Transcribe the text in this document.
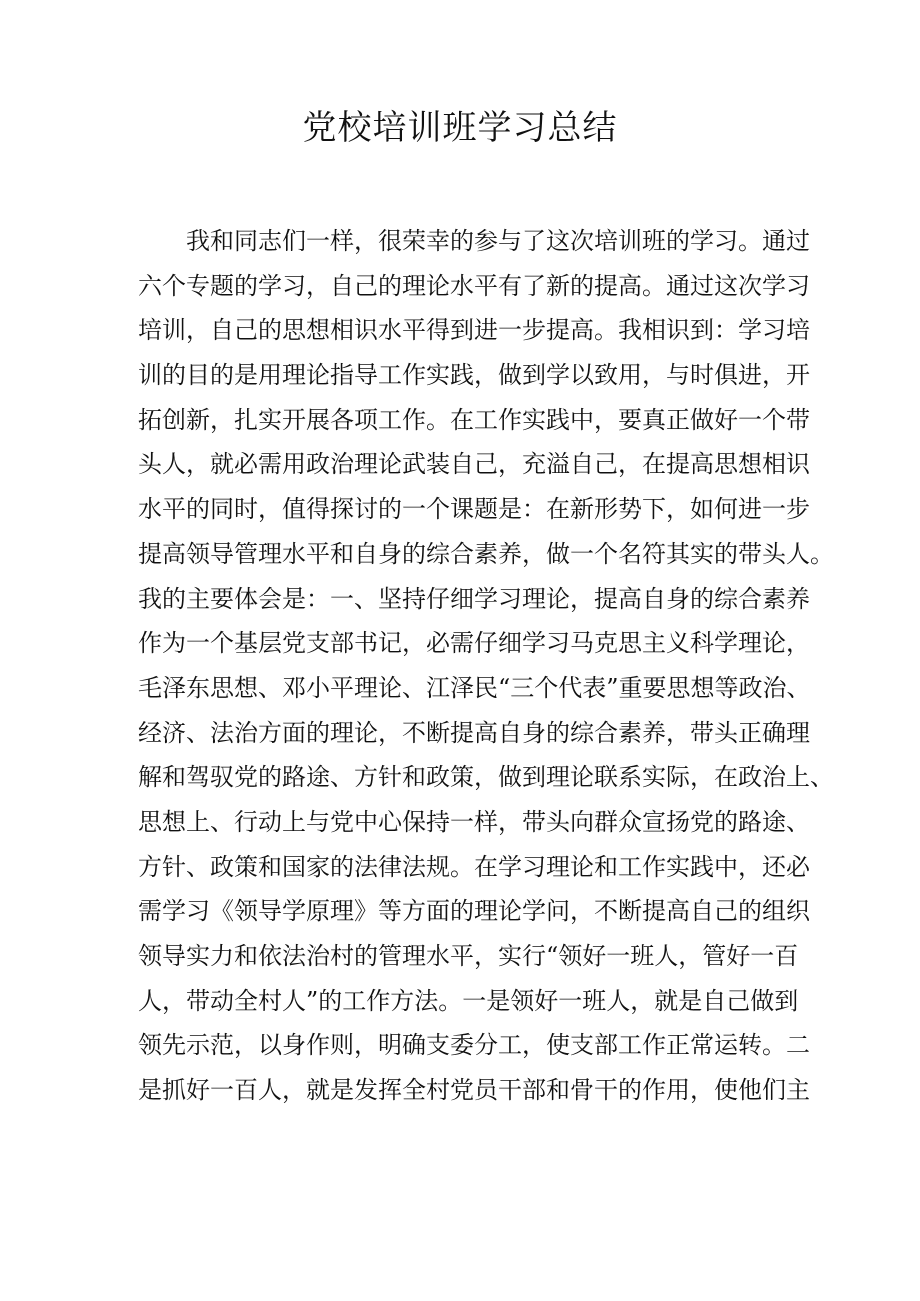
党校培训班学习总结
我和同志们一样，很荣幸的参与了这次培训班的学习。通过
六个专题的学习，自己的理论水平有了新的提高。通过这次学习
培训，自己的思想相识水平得到进一步提高。我相识到：学习培
训的目的是用理论指导工作实践，做到学以致用，与时俱进，开
拓创新，扎实开展各项工作。在工作实践中，要真正做好一个带
头人，就必需用政治理论武装自己，充溢自己，在提高思想相识
水平的同时，值得探讨的一个课题是：在新形势下，如何进一步
提高领导管理水平和自身的综合素养，做一个名符其实的带头人。
我的主要体会是：一、坚持仔细学习理论，提高自身的综合素养
作为一个基层党支部书记，必需仔细学习马克思主义科学理论，
毛泽东思想、邓小平理论、江泽民“三个代表”重要思想等政治、
经济、法治方面的理论，不断提高自身的综合素养，带头正确理
解和驾驭党的路途、方针和政策，做到理论联系实际，在政治上、
思想上、行动上与党中心保持一样，带头向群众宣扬党的路途、
方针、政策和国家的法律法规。在学习理论和工作实践中，还必
需学习《领导学原理》等方面的理论学问，不断提高自己的组织
领导实力和依法治村的管理水平，实行“领好一班人，管好一百
人，带动全村人”的工作方法。一是领好一班人，就是自己做到
领先示范，以身作则，明确支委分工，使支部工作正常运转。二
是抓好一百人，就是发挥全村党员干部和骨干的作用，使他们主
